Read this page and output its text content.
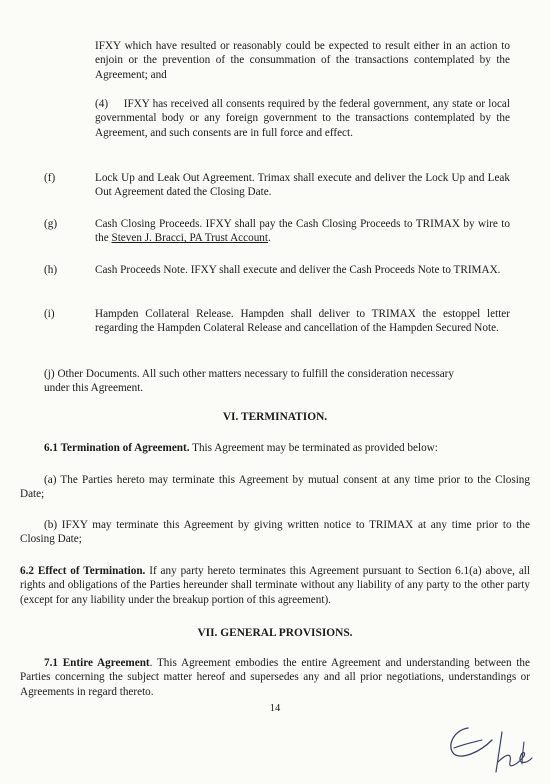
IFXY which have resulted or reasonably could be expected to result either in an action to enjoin or the prevention of the consummation of the transactions contemplated by the Agreement; and

(4) IFXY has received all consents required by the federal government, any state or local governmental body or any foreign government to the transactions contemplated by the Agreement, and such consents are in full force and effect.

(f)	Lock Up and Leak Out Agreement. Trimax shall execute and deliver the Lock Up and Leak Out Agreement dated the Closing Date.

(g)	Cash Closing Proceeds. IFXY shall pay the Cash Closing Proceeds to TRIMAX by wire to the Steven J. Bracci, PA Trust Account.

(h)	Cash Proceeds Note. IFXY shall execute and deliver the Cash Proceeds Note to TRIMAX.

(i)	Hampden Collateral Release. Hampden shall deliver to TRIMAX the estoppel letter regarding the Hampden Colateral Release and cancellation of the Hampden Secured Note.

(j) Other Documents. All such other matters necessary to fulfill the consideration necessary under this Agreement.

VI. TERMINATION.

6.1 Termination of Agreement. This Agreement may be terminated as provided below:

(a) The Parties hereto may terminate this Agreement by mutual consent at any time prior to the Closing Date;

(b) IFXY may terminate this Agreement by giving written notice to TRIMAX at any time prior to the Closing Date;

6.2 Effect of Termination. If any party hereto terminates this Agreement pursuant to Section 6.1(a) above, all rights and obligations of the Parties hereunder shall terminate without any liability of any party to the other party (except for any liability under the breakup portion of this agreement).

VII. GENERAL PROVISIONS.

7.1 Entire Agreement. This Agreement embodies the entire Agreement and understanding between the Parties concerning the subject matter hereof and supersedes any and all prior negotiations, understandings or Agreements in regard thereto.

14
